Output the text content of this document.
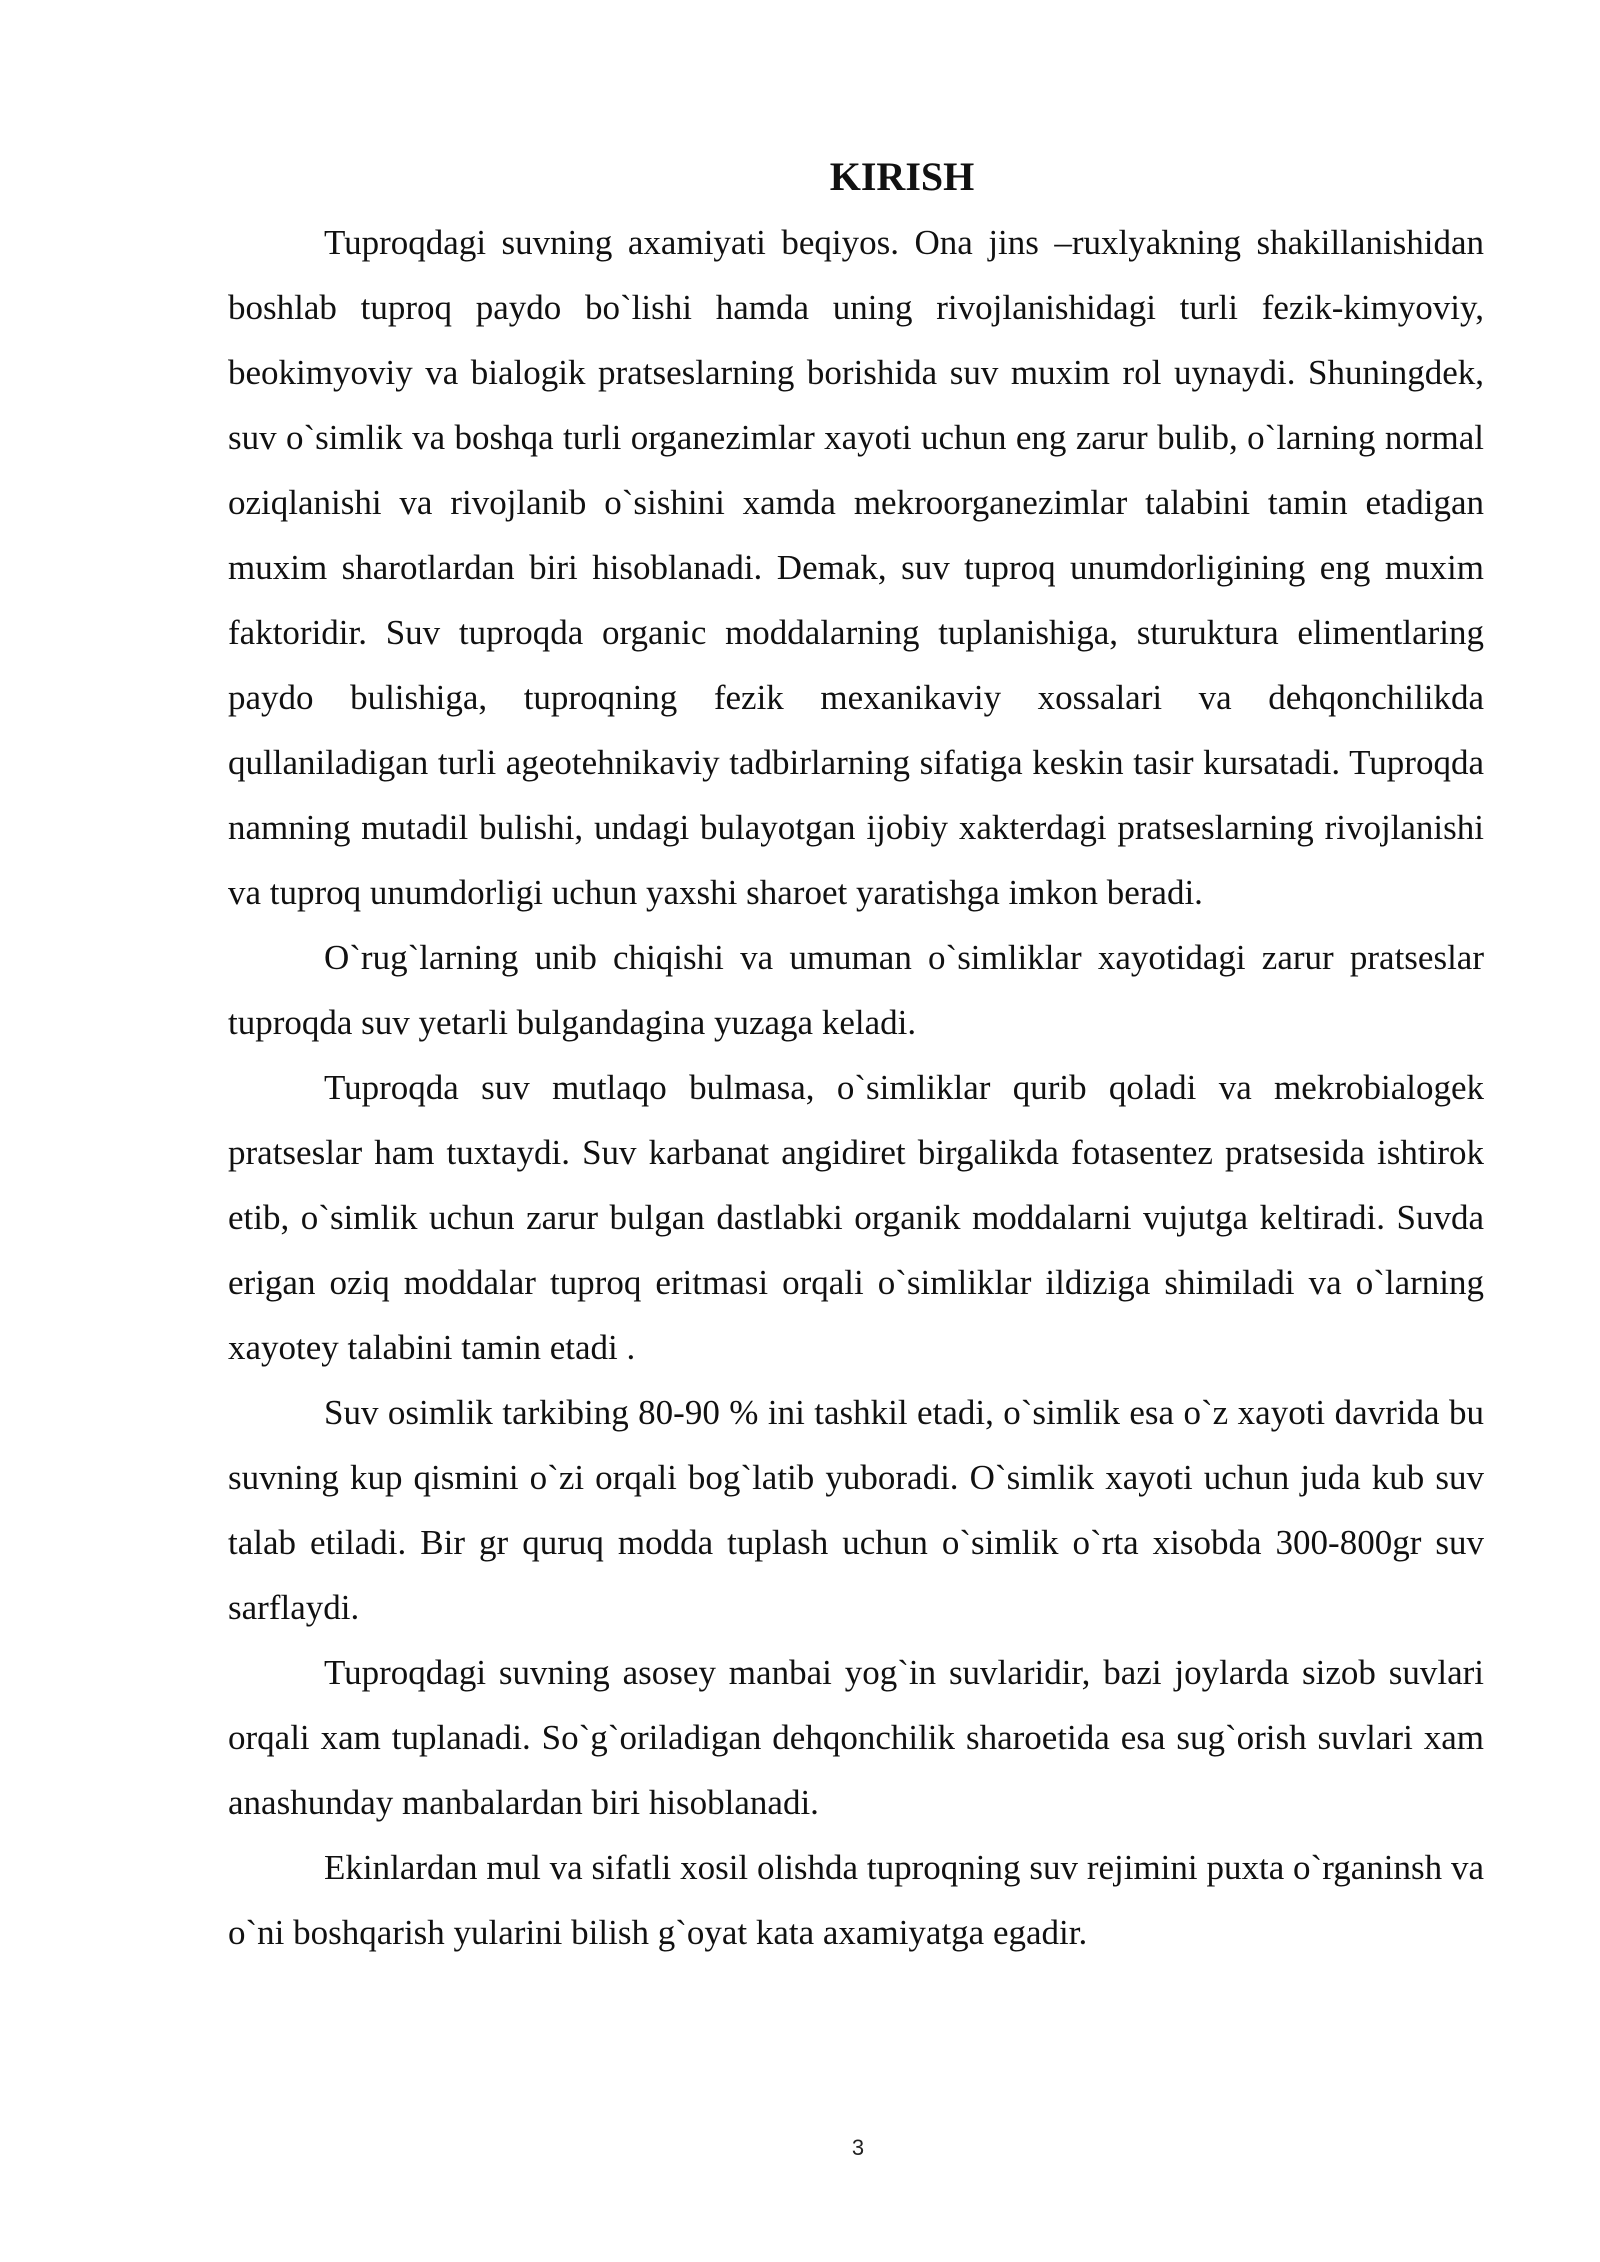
KIRISH

Tuproqdagi suvning axamiyati beqiyos. Ona jins –ruxlyakning shakillanishidan boshlab tuproq paydo bo`lishi hamda uning rivojlanishidagi turli fezik-kimyoviy, beokimyoviy va bialogik pratseslarning borishida suv muxim rol uynaydi. Shuningdek, suv o`simlik va boshqa turli organezimlar xayoti uchun eng zarur bulib, o`larning normal oziqlanishi va rivojlanib o`sishini xamda mekroorganezimlar talabini tamin etadigan muxim sharotlardan biri hisoblanadi. Demak, suv tuproq unumdorligining eng muxim faktoridir. Suv tuproqda organic moddalarning tuplanishiga, sturuktura elimentlaring paydo bulishiga, tuproqning fezik mexanikaviy xossalari va dehqonchilikda qullaniladigan turli ageotehnikaviy tadbirlarning sifatiga keskin tasir kursatadi. Tuproqda namning mutadil bulishi, undagi bulayotgan ijobiy xakterdagi pratseslarning rivojlanishi va tuproq unumdorligi uchun yaxshi sharoet yaratishga imkon beradi.

O`rug`larning unib chiqishi va umuman o`simliklar xayotidagi zarur pratseslar tuproqda suv yetarli bulgandagina yuzaga keladi.

Tuproqda suv mutlaqo bulmasa, o`simliklar qurib qoladi va mekrobialogek pratseslar ham tuxtaydi. Suv karbanat angidiret birgalikda fotasentez pratsesida ishtirok etib, o`simlik uchun zarur bulgan dastlabki organik moddalarni vujutga keltiradi. Suvda erigan oziq moddalar tuproq eritmasi orqali o`simliklar ildiziga shimiladi va o`larning xayotey talabini tamin etadi .

Suv osimlik tarkibing 80-90 % ini tashkil etadi, o`simlik esa o`z xayoti davrida bu suvning kup qismini o`zi orqali bog`latib yuboradi. O`simlik xayoti uchun juda kub suv talab etiladi. Bir gr quruq modda tuplash uchun o`simlik o`rta xisobda 300-800gr suv sarflaydi.

Tuproqdagi suvning asosey manbai yog`in suvlaridir, bazi joylarda sizob suvlari orqali xam tuplanadi. So`g`oriladigan dehqonchilik sharoetida esa sug`orish suvlari xam anashunday manbalardan biri hisoblanadi.

Ekinlardan mul va sifatli xosil olishda tuproqning suv rejimini puxta o`rganinsh va o`ni boshqarish yularini bilish g`oyat kata axamiyatga egadir.

3
